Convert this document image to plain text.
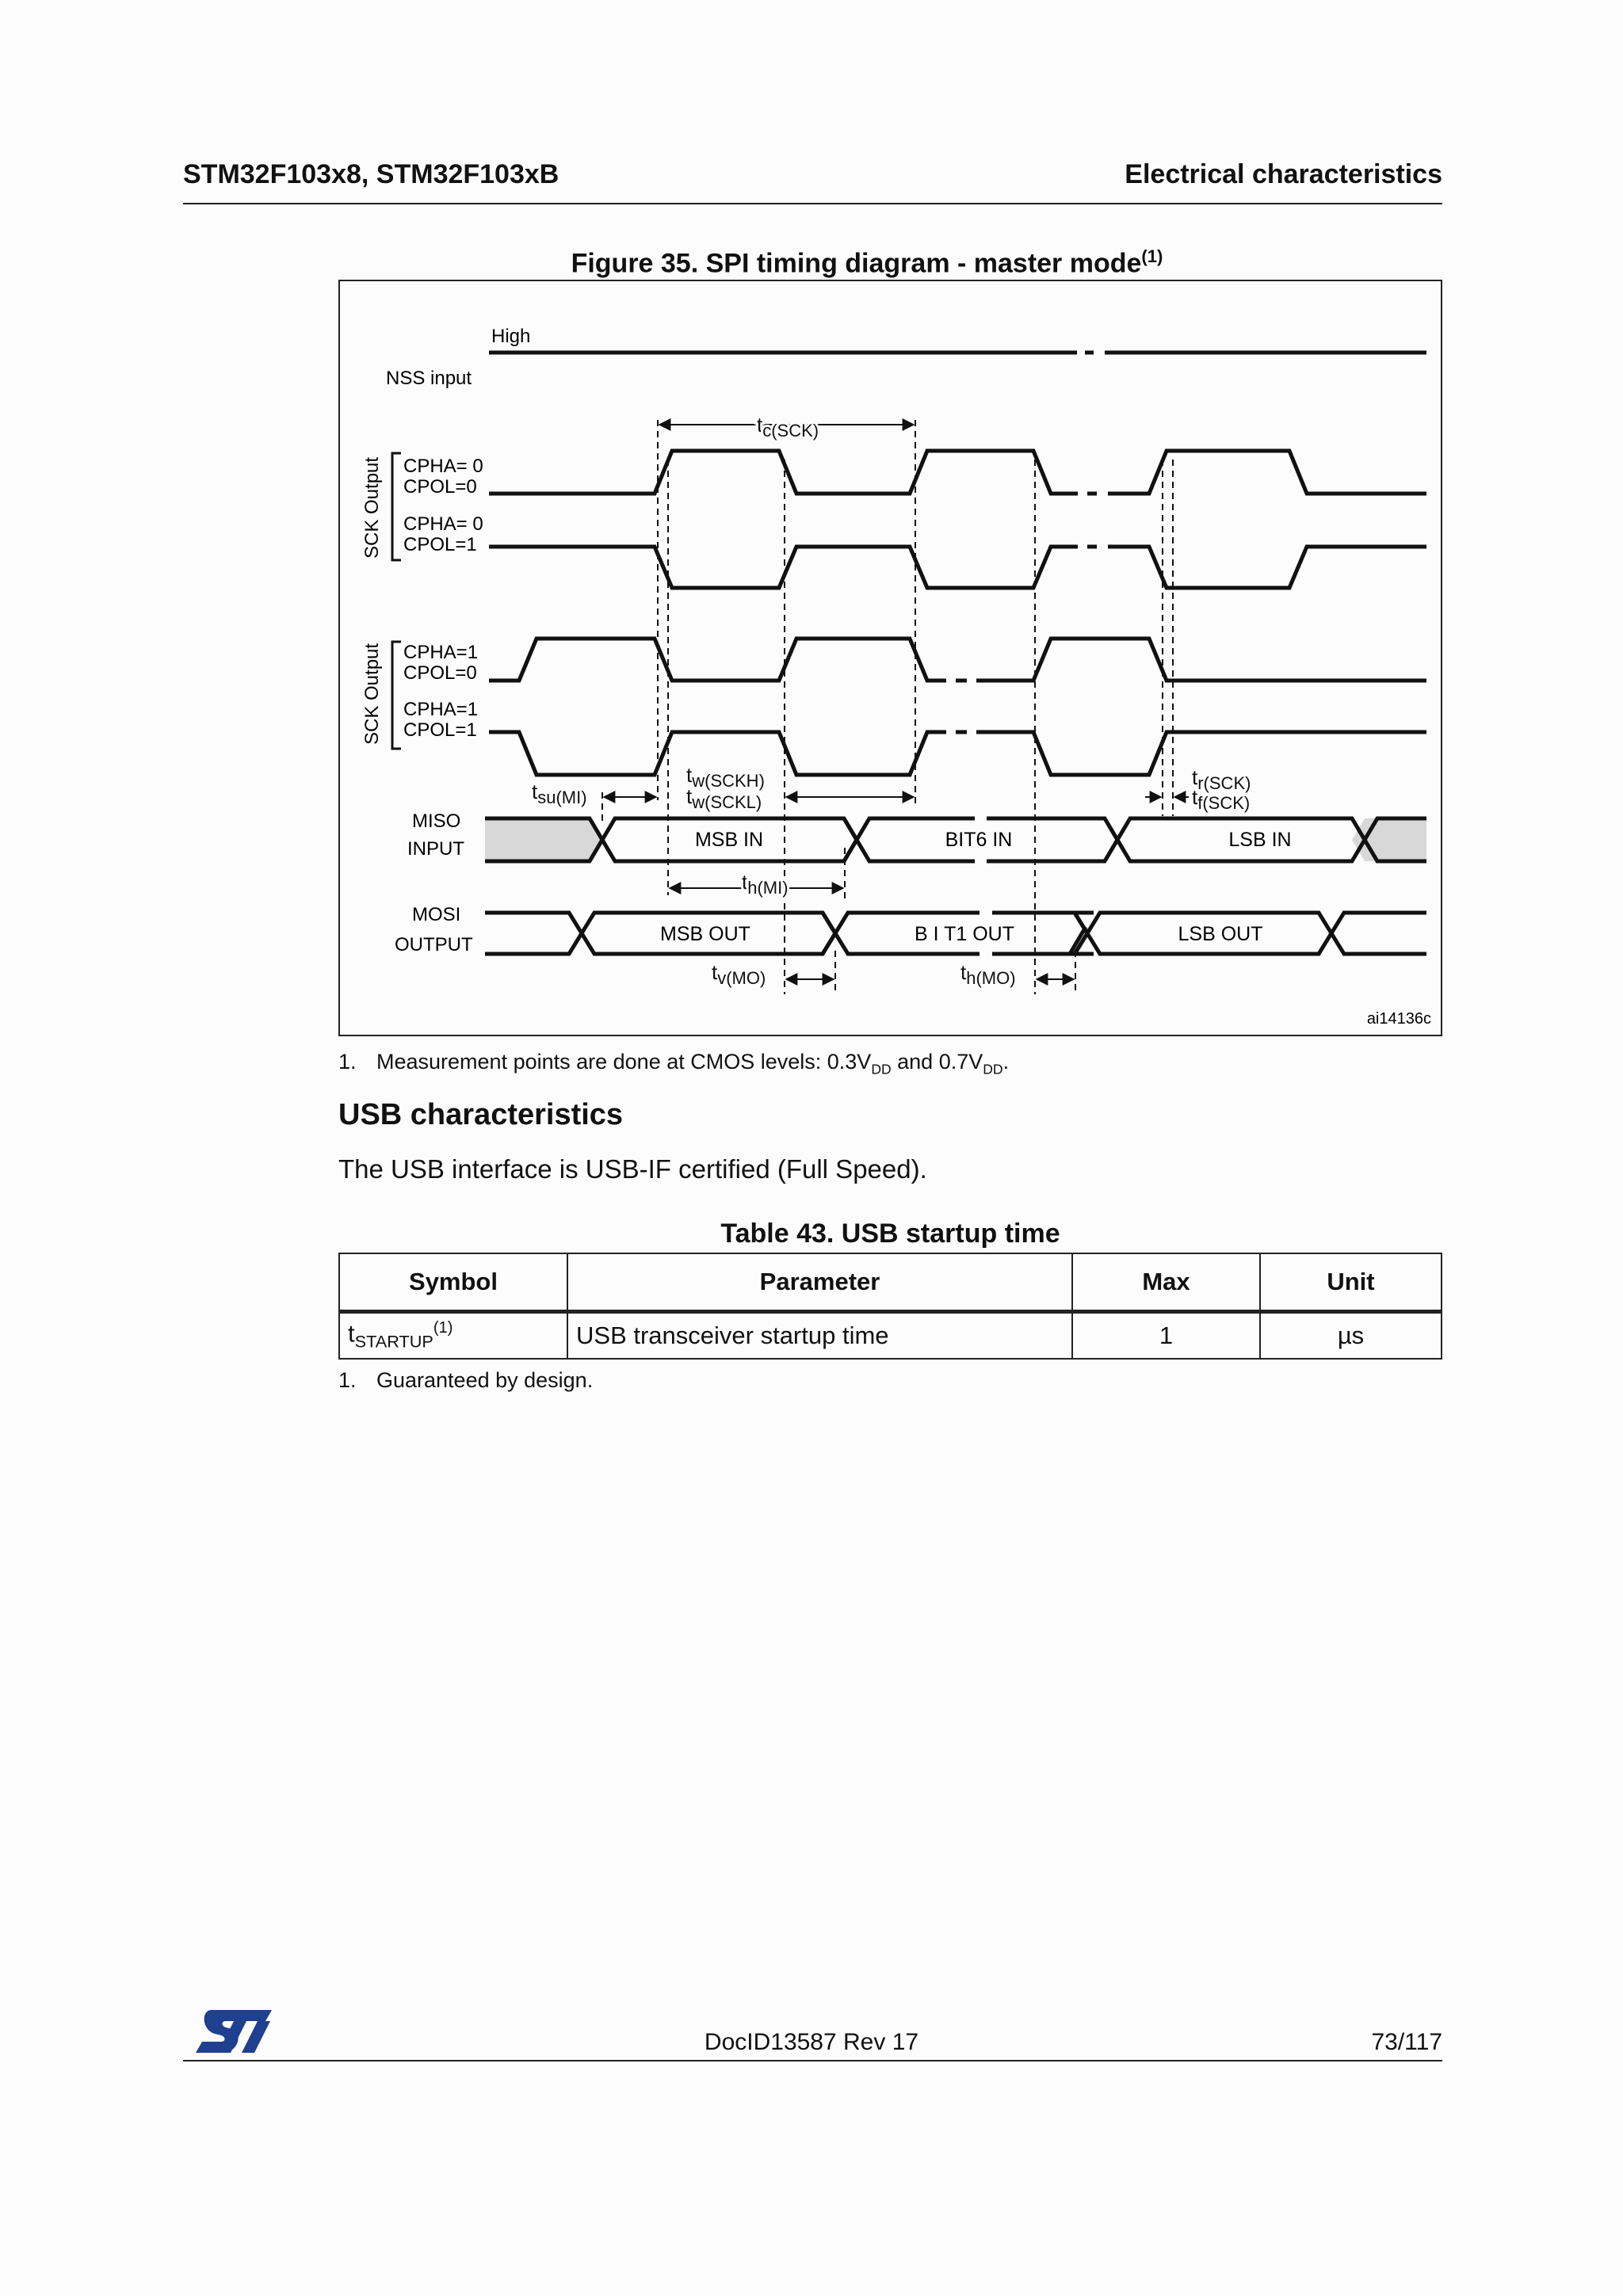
STM32F103x8, STM32F103xB	Electrical characteristics
Figure 35. SPI timing diagram - master mode$^{(1)}$
High
NSS input
SCK Output
SCK Output
CPHA= 0
CPOL=0
CPHA= 0
CPOL=1
CPHA=1
CPOL=0
CPHA=1
CPOL=1
MISO
INPUT
MOSI
OUTPUT
$t_{c(SCK)}$
$t_{su(MI)}$
$t_{w(SCKH)}$
$t_{w(SCKL)}$
$t_{r(SCK)}$
$t_{f(SCK)}$
$t_{h(MI)}$
$t_{v(MO)}$	$t_{h(MO)}$
MSB IN	BIT6 IN	LSB IN
MSB OUT	B I T1 OUT	LSB OUT
ai14136c
1. Measurement points are done at CMOS levels: $0.3V_{DD}$ and $0.7V_{DD}$.
USB characteristics
The USB interface is USB-IF certified (Full Speed).
Table 43. USB startup time
Symbol	Parameter	Max	Unit
$t_{STARTUP}^{(1)}$	USB transceiver startup time	1	µs
1. Guaranteed by design.
DocID13587 Rev 17	73/117
